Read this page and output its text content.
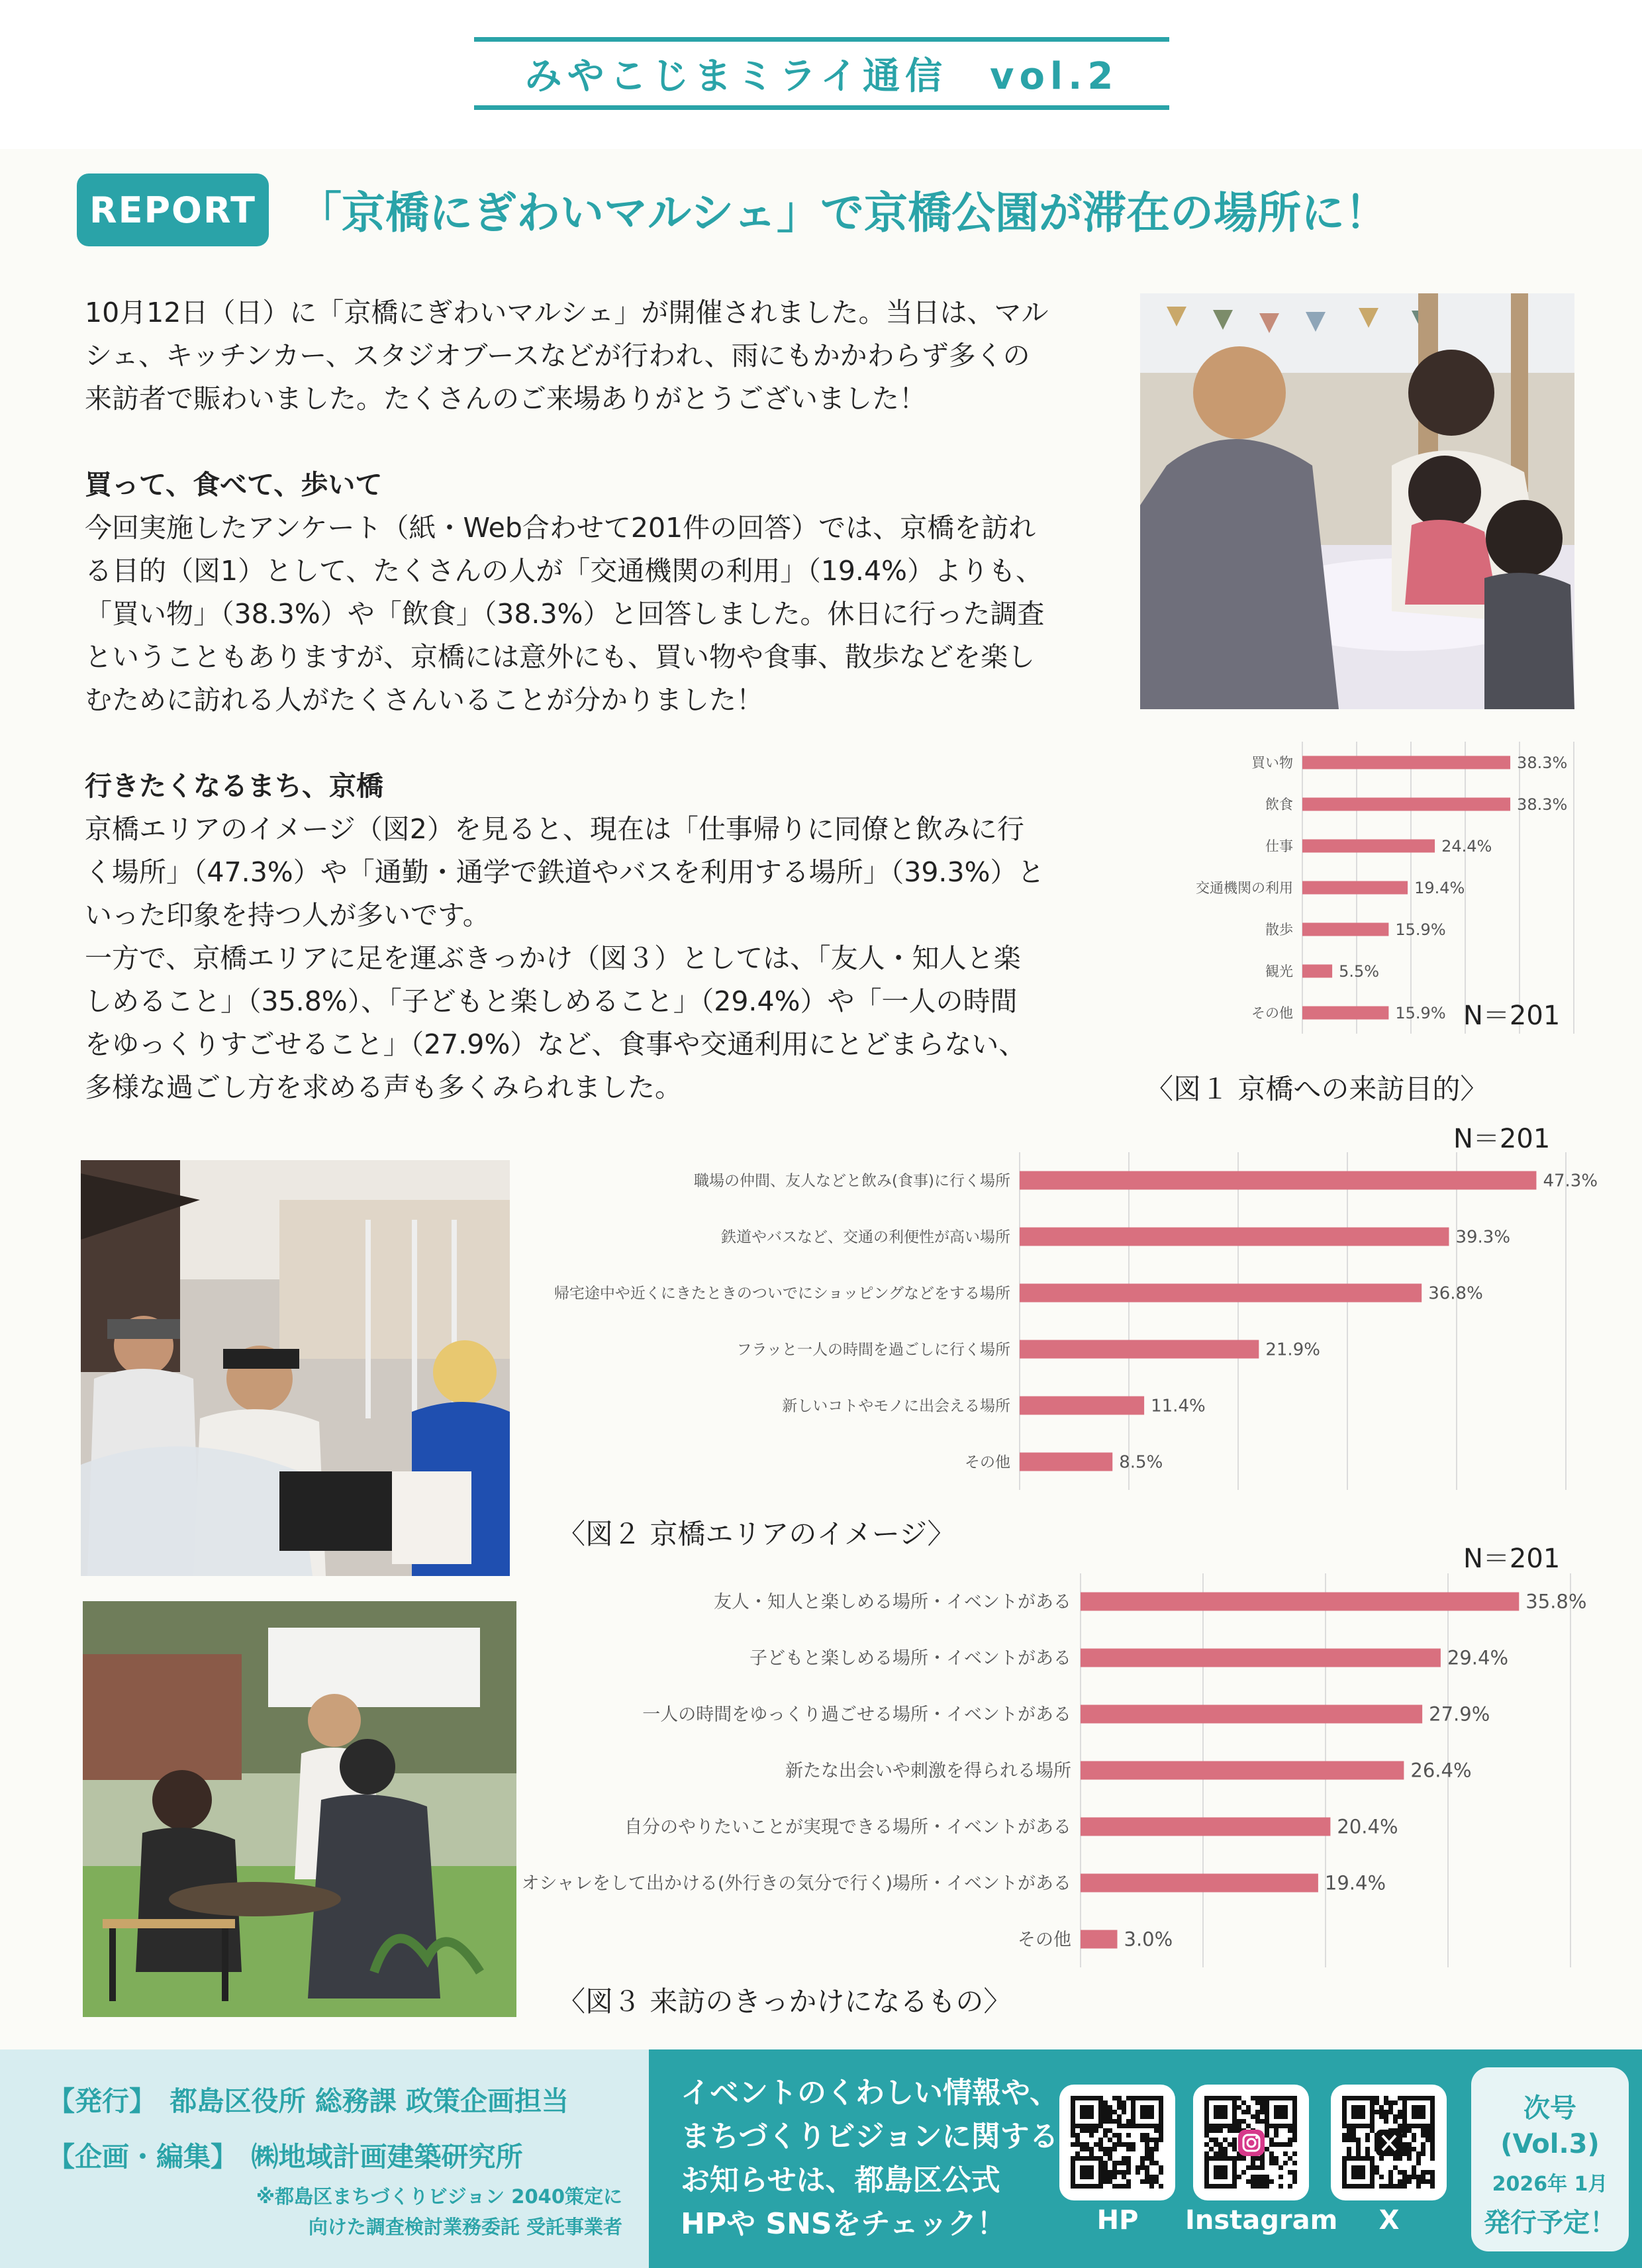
みやこじまミライ通信　vol.2
REPORT 「京橋にぎわいマルシェ」で京橋公園が滞在の場所に！

10月12日（日）に「京橋にぎわいマルシェ」が開催されました。当日は、マル

シェ、キッチンカー、スタジオブースなどが行われ、雨にもかかわらず多くの

来訪者で賑わいました。たくさんのご来場ありがとうございました！

買って、食べて、歩いて

今回実施したアンケート（紙・Web合わせて201件の回答）では、京橋を訪れ

る目的（図1）として、たくさんの人が「交通機関の利用」（19.4%）よりも、

「買い物」（38.3%）や「飲食」（38.3%）と回答しました。休日に行った調査

ということもありますが、京橋には意外にも、買い物や食事、散歩などを楽し

むために訪れる人がたくさんいることが分かりました！

行きたくなるまち、京橋

京橋エリアのイメージ（図2）を見ると、現在は「仕事帰りに同僚と飲みに行

く場所」（47.3%）や「通勤・通学で鉄道やバスを利用する場所」（39.3%）と

いった印象を持つ人が多いです。

一方で、京橋エリアに足を運ぶきっかけ（図３）としては、「友人・知人と楽

しめること」（35.8%）、「子どもと楽しめること」（29.4%）や「一人の時間

をゆっくりすごせること」（27.9%）など、食事や交通利用にとどまらない、

多様な過ごし方を求める声も多くみられました。

買い物	38.3%
飲食	38.3%
仕事	24.4%
交通機関の利用	19.4%
散歩	15.9%
観光	5.5%
その他	15.9% N＝201
〈図１ 京橋への来訪目的〉
N＝201
職場の仲間、友人などと飲み(食事)に行く場所	47.3%
鉄道やバスなど、交通の利便性が高い場所	39.3%
帰宅途中や近くにきたときのついでにショッピングなどをする場所	36.8%
フラッと一人の時間を過ごしに行く場所	21.9%
新しいコトやモノに出会える場所	11.4%
その他	8.5%
〈図２ 京橋エリアのイメージ〉
N＝201
友人・知人と楽しめる場所・イベントがある	35.8%
子どもと楽しめる場所・イベントがある	29.4%
一人の時間をゆっくり過ごせる場所・イベントがある	27.9%
新たな出会いや刺激を得られる場所	26.4%
自分のやりたいことが実現できる場所・イベントがある	20.4%
オシャレをして出かける(外行きの気分で行く)場所・イベントがある	19.4%
その他	3.0%
〈図３ 来訪のきっかけになるもの〉
【発行】　都島区役所 総務課 政策企画担当
【企画・編集】　㈱地域計画建築研究所
※都島区まちづくりビジョン 2040策定に
向けた調査検討業務委託 受託事業者
イベントのくわしい情報や、
まちづくりビジョンに関する
お知らせは、都島区公式
HPや SNSをチェック！	HP	Instagram	X
次号
(Vol.3)
2026年 1月
発行予定！
